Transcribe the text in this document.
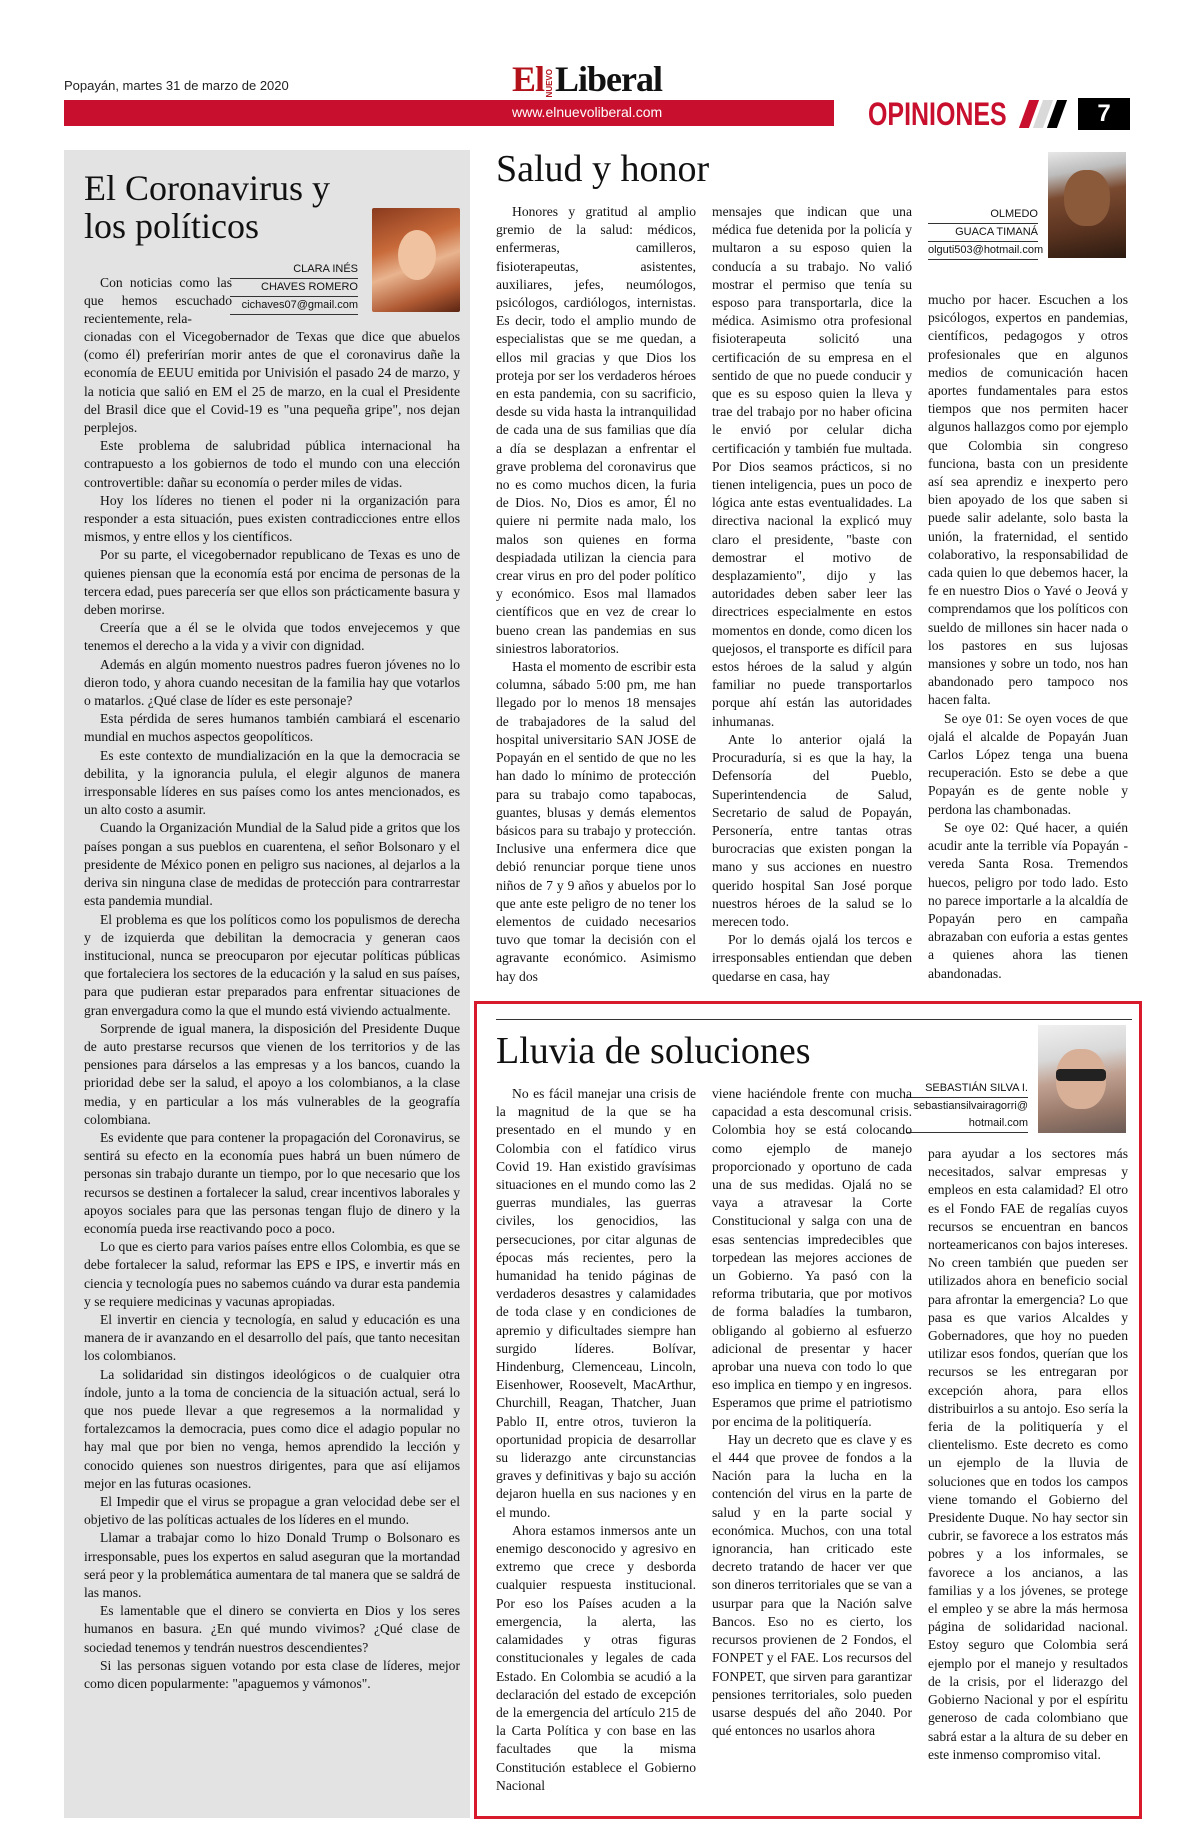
Popayán, martes 31 de marzo de 2020	ElNUEVOLiberal
www.elnuevoliberal.com	OPINIONES	7
El Coronavirus y los políticos
CLARA INÉS
CHAVES ROMERO
cichaves07@gmail.com

Con noticias como las que hemos escuchado recientemente, rela-

cionadas con el Vicegobernador de Texas que dice que abuelos (como él) preferirían morir antes de que el coronavirus dañe la economía de EEUU emitida por Univisión el pasado 24 de marzo, y la noticia que salió en EM el 25 de marzo, en la cual el Presidente del Brasil dice que el Covid-19 es "una pequeña gripe", nos dejan perplejos.

Este problema de salubridad pública internacional ha contrapuesto a los gobiernos de todo el mundo con una elección controvertible: dañar su economía o perder miles de vidas.

Hoy los líderes no tienen el poder ni la organización para responder a esta situación, pues existen contradicciones entre ellos mismos, y entre ellos y los científicos.

Por su parte, el vicegobernador republicano de Texas es uno de quienes piensan que la economía está por encima de personas de la tercera edad, pues parecería ser que ellos son prácticamente basura y deben morirse.

Creería que a él se le olvida que todos envejecemos y que tenemos el derecho a la vida y a vivir con dignidad.

Además en algún momento nuestros padres fueron jóvenes no lo dieron todo, y ahora cuando necesitan de la familia hay que votarlos o matarlos. ¿Qué clase de líder es este personaje?

Esta pérdida de seres humanos también cambiará el escenario mundial en muchos aspectos geopolíticos.

Es este contexto de mundialización en la que la democracia se debilita, y la ignorancia pulula, el elegir algunos de manera irresponsable líderes en sus países como los antes mencionados, es un alto costo a asumir.

Cuando la Organización Mundial de la Salud pide a gritos que los países pongan a sus pueblos en cuarentena, el señor Bolsonaro y el presidente de México ponen en peligro sus naciones, al dejarlos a la deriva sin ninguna clase de medidas de protección para contrarrestar esta pandemia mundial.

El problema es que los políticos como los populismos de derecha y de izquierda que debilitan la democracia y generan caos institucional, nunca se preocuparon por ejecutar políticas públicas que fortaleciera los sectores de la educación y la salud en sus países, para que pudieran estar preparados para enfrentar situaciones de gran envergadura como la que el mundo está viviendo actualmente.

Sorprende de igual manera, la disposición del Presidente Duque de auto prestarse recursos que vienen de los territorios y de las pensiones para dárselos a las empresas y a los bancos, cuando la prioridad debe ser la salud, el apoyo a los colombianos, a la clase media, y en particular a los más vulnerables de la geografía colombiana.

Es evidente que para contener la propagación del Coronavirus, se sentirá su efecto en la economía pues habrá un buen número de personas sin trabajo durante un tiempo, por lo que necesario que los recursos se destinen a fortalecer la salud, crear incentivos laborales y apoyos sociales para que las personas tengan flujo de dinero y la economía pueda irse reactivando poco a poco.

Lo que es cierto para varios países entre ellos Colombia, es que se debe fortalecer la salud, reformar las EPS e IPS, e invertir más en ciencia y tecnología pues no sabemos cuándo va durar esta pandemia y se requiere medicinas y vacunas apropiadas.

El invertir en ciencia y tecnología, en salud y educación es una manera de ir avanzando en el desarrollo del país, que tanto necesitan los colombianos.

La solidaridad sin distingos ideológicos o de cualquier otra índole, junto a la toma de conciencia de la situación actual, será lo que nos puede llevar a que regresemos a la normalidad y fortalezcamos la democracia, pues como dice el adagio popular no hay mal que por bien no venga, hemos aprendido la lección y conocido quienes son nuestros dirigentes, para que así elijamos mejor en las futuras ocasiones.

El Impedir que el virus se propague a gran velocidad debe ser el objetivo de las políticas actuales de los líderes en el mundo.

Llamar a trabajar como lo hizo Donald Trump o Bolsonaro es irresponsable, pues los expertos en salud aseguran que la mortandad será peor y la problemática aumentara de tal manera que se saldrá de las manos.

Es lamentable que el dinero se convierta en Dios y los seres humanos en basura. ¿En qué mundo vivimos? ¿Qué clase de sociedad tenemos y tendrán nuestros descendientes?

Si las personas siguen votando por esta clase de líderes, mejor como dicen popularmente: "apaguemos y vámonos".

Salud y honor
OLMEDO
GUACA TIMANÁ
olguti503@hotmail.com

Honores y gratitud al amplio gremio de la salud: médicos, enfermeras, camilleros, fisioterapeutas, asistentes, auxiliares, jefes, neumólogos, psicólogos, cardiólogos, internistas. Es decir, todo el amplio mundo de especialistas que se me quedan, a ellos mil gracias y que Dios los proteja por ser los verdaderos héroes en esta pandemia, con su sacrificio, desde su vida hasta la intranquilidad de cada una de sus familias que día a día se desplazan a enfrentar el grave problema del coronavirus que no es como muchos dicen, la furia de Dios. No, Dios es amor, Él no quiere ni permite nada malo, los malos son quienes en forma despiadada utilizan la ciencia para crear virus en pro del poder político y económico. Esos mal llamados científicos que en vez de crear lo bueno crean las pandemias en sus siniestros laboratorios.

Hasta el momento de escribir esta columna, sábado 5:00 pm, me han llegado por lo menos 18 mensajes de trabajadores de la salud del hospital universitario SAN JOSE de Popayán en el sentido de que no les han dado lo mínimo de protección para su trabajo como tapabocas, guantes, blusas y demás elementos básicos para su trabajo y protección. Inclusive una enfermera dice que debió renunciar porque tiene unos niños de 7 y 9 años y abuelos por lo que ante este peligro de no tener los elementos de cuidado necesarios tuvo que tomar la decisión con el agravante económico. Asimismo hay dos

mensajes que indican que una médica fue detenida por la policía y multaron a su esposo quien la conducía a su trabajo. No valió mostrar el permiso que tenía su esposo para transportarla, dice la médica. Asimismo otra profesional fisioterapeuta solicitó una certificación de su empresa en el sentido de que no puede conducir y que es su esposo quien la lleva y trae del trabajo por no haber oficina le envió por celular dicha certificación y también fue multada. Por Dios seamos prácticos, si no tienen inteligencia, pues un poco de lógica ante estas eventualidades. La directiva nacional la explicó muy claro el presidente, "baste con demostrar el motivo de desplazamiento", dijo y las autoridades deben saber leer las directrices especialmente en estos momentos en donde, como dicen los quejosos, el transporte es difícil para estos héroes de la salud y algún familiar no puede transportarlos porque ahí están las autoridades inhumanas.

Ante lo anterior ojalá la Procuraduría, si es que la hay, la Defensoría del Pueblo, Superintendencia de Salud, Secretario de salud de Popayán, Personería, entre tantas otras burocracias que existen pongan la mano y sus acciones en nuestro querido hospital San José porque nuestros héroes de la salud se lo merecen todo.

Por lo demás ojalá los tercos e irresponsables entiendan que deben quedarse en casa, hay

mucho por hacer. Escuchen a los psicólogos, expertos en pandemias, científicos, pedagogos y otros profesionales que en algunos medios de comunicación hacen aportes fundamentales para estos tiempos que nos permiten hacer algunos hallazgos como por ejemplo que Colombia sin congreso funciona, basta con un presidente así sea aprendiz e inexperto pero bien apoyado de los que saben si puede salir adelante, solo basta la unión, la fraternidad, el sentido colaborativo, la responsabilidad de cada quien lo que debemos hacer, la fe en nuestro Dios o Yavé o Jeová y comprendamos que los políticos con sueldo de millones sin hacer nada o los pastores en sus lujosas mansiones y sobre un todo, nos han abandonado pero tampoco nos hacen falta.

Se oye 01: Se oyen voces de que ojalá el alcalde de Popayán Juan Carlos López tenga una buena recuperación. Esto se debe a que Popayán es de gente noble y perdona las chambonadas.

Se oye 02: Qué hacer, a quién acudir ante la terrible vía Popayán - vereda Santa Rosa. Tremendos huecos, peligro por todo lado. Esto no parece importarle a la alcaldía de Popayán pero en campaña abrazaban con euforia a estas gentes a quienes ahora las tienen abandonadas.

Lluvia de soluciones
SEBASTIÁN SILVA I.
sebastiansilvairagorri@
hotmail.com

No es fácil manejar una crisis de la magnitud de la que se ha presentado en el mundo y en Colombia con el fatídico virus Covid 19. Han existido gravísimas situaciones en el mundo como las 2 guerras mundiales, las guerras civiles, los genocidios, las persecuciones, por citar algunas de épocas más recientes, pero la humanidad ha tenido páginas de verdaderos desastres y calamidades de toda clase y en condiciones de apremio y dificultades siempre han surgido líderes. Bolívar, Hindenburg, Clemenceau, Lincoln, Eisenhower, Roosevelt, MacArthur, Churchill, Reagan, Thatcher, Juan Pablo II, entre otros, tuvieron la oportunidad propicia de desarrollar su liderazgo ante circunstancias graves y definitivas y bajo su acción dejaron huella en sus naciones y en el mundo.

Ahora estamos inmersos ante un enemigo desconocido y agresivo en extremo que crece y desborda cualquier respuesta institucional. Por eso los Países acuden a la emergencia, la alerta, las calamidades y otras figuras constitucionales y legales de cada Estado. En Colombia se acudió a la declaración del estado de excepción de la emergencia del artículo 215 de la Carta Política y con base en las facultades que la misma Constitución establece el Gobierno Nacional

viene haciéndole frente con mucha capacidad a esta descomunal crisis. Colombia hoy se está colocando como ejemplo de manejo proporcionado y oportuno de cada una de sus medidas. Ojalá no se vaya a atravesar la Corte Constitucional y salga con una de esas sentencias impredecibles que torpedean las mejores acciones de un Gobierno. Ya pasó con la reforma tributaria, que por motivos de forma baladíes la tumbaron, obligando al gobierno al esfuerzo adicional de presentar y hacer aprobar una nueva con todo lo que eso implica en tiempo y en ingresos. Esperamos que prime el patriotismo por encima de la politiquería.

Hay un decreto que es clave y es el 444 que provee de fondos a la Nación para la lucha en la contención del virus en la parte de salud y en la parte social y económica. Muchos, con una total ignorancia, han criticado este decreto tratando de hacer ver que son dineros territoriales que se van a usurpar para que la Nación salve Bancos. Eso no es cierto, los recursos provienen de 2 Fondos, el FONPET y el FAE. Los recursos del FONPET, que sirven para garantizar pensiones territoriales, solo pueden usarse después del año 2040. Por qué entonces no usarlos ahora

para ayudar a los sectores más necesitados, salvar empresas y empleos en esta calamidad? El otro es el Fondo FAE de regalías cuyos recursos se encuentran en bancos norteamericanos con bajos intereses. No creen también que pueden ser utilizados ahora en beneficio social para afrontar la emergencia? Lo que pasa es que varios Alcaldes y Gobernadores, que hoy no pueden utilizar esos fondos, querían que los recursos se les entregaran por excepción ahora, para ellos distribuirlos a su antojo. Eso sería la feria de la politiquería y el clientelismo. Este decreto es como un ejemplo de la lluvia de soluciones que en todos los campos viene tomando el Gobierno del Presidente Duque. No hay sector sin cubrir, se favorece a los estratos más pobres y a los informales, se favorece a los ancianos, a las familias y a los jóvenes, se protege el empleo y se abre la más hermosa página de solidaridad nacional. Estoy seguro que Colombia será ejemplo por el manejo y resultados de la crisis, por el liderazgo del Gobierno Nacional y por el espíritu generoso de cada colombiano que sabrá estar a la altura de su deber en este inmenso compromiso vital.
